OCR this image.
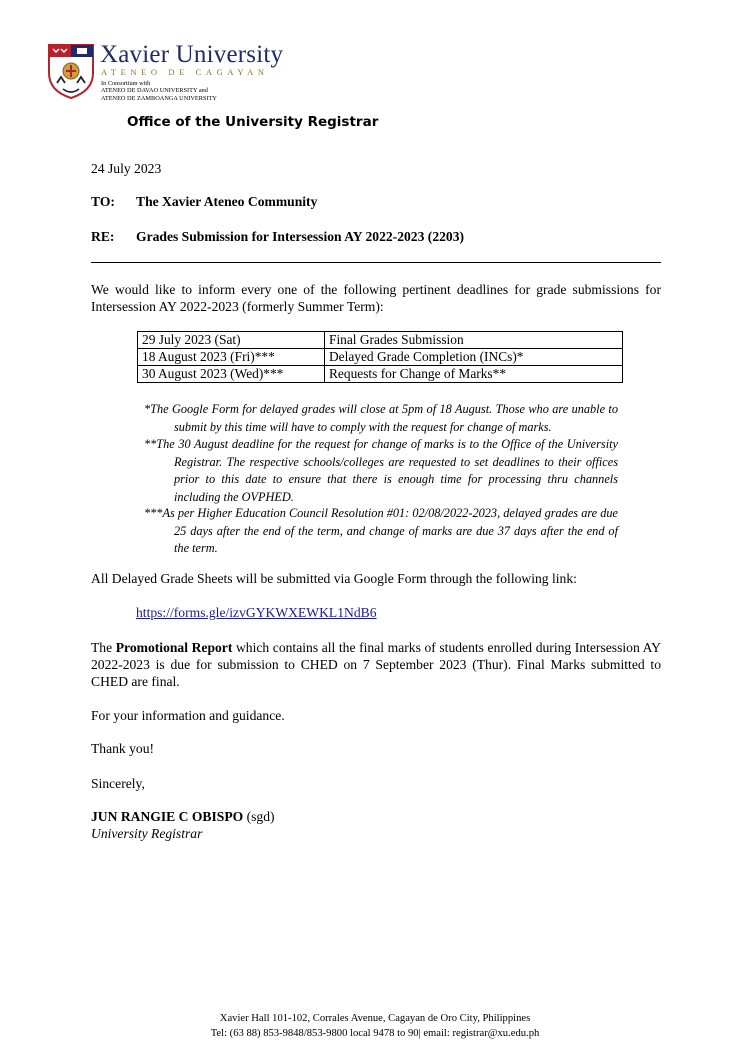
Xavier University
ATENEO DE CAGAYAN
In Consortium with
ATENEO DE DAVAO UNIVERSITY and
ATENEO DE ZAMBOANGA UNIVERSITY
Office of the University Registrar
24 July 2023
TO: The Xavier Ateneo Community
RE: Grades Submission for Intersession AY 2022-2023 (2203)
We would like to inform every one of the following pertinent deadlines for grade submissions for Intersession AY 2022-2023 (formerly Summer Term):
29 July 2023 (Sat)	Final Grades Submission
18 August 2023 (Fri)***	Delayed Grade Completion (INCs)*
30 August 2023 (Wed)***	Requests for Change of Marks**
*The Google Form for delayed grades will close at 5pm of 18 August. Those who are unable to submit by this time will have to comply with the request for change of marks.
**The 30 August deadline for the request for change of marks is to the Office of the University Registrar. The respective schools/colleges are requested to set deadlines to their offices prior to this date to ensure that there is enough time for processing thru channels including the OVPHED.
***As per Higher Education Council Resolution #01: 02/08/2022-2023, delayed grades are due 25 days after the end of the term, and change of marks are due 37 days after the end of the term.
All Delayed Grade Sheets will be submitted via Google Form through the following link:
https://forms.gle/izvGYKWXEWKL1NdB6
The Promotional Report which contains all the final marks of students enrolled during Intersession AY 2022-2023 is due for submission to CHED on 7 September 2023 (Thur). Final Marks submitted to CHED are final.
For your information and guidance.
Thank you!
Sincerely,
JUN RANGIE C OBISPO (sgd)
University Registrar
Xavier Hall 101-102, Corrales Avenue, Cagayan de Oro City, Philippines
Tel: (63 88) 853-9848/853-9800 local 9478 to 90| email: registrar@xu.edu.ph
